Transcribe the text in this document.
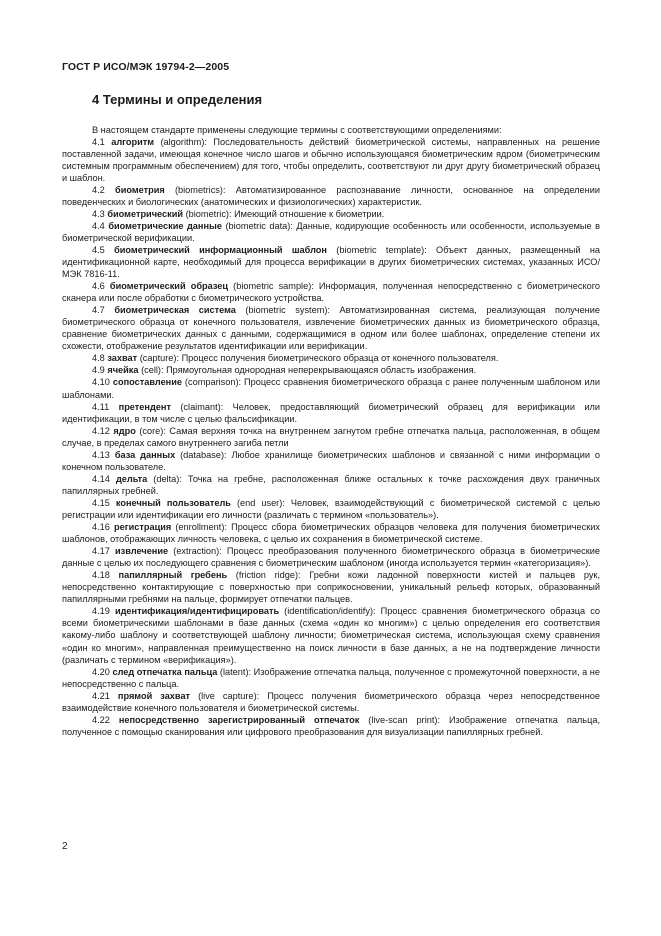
ГОСТ Р ИСО/МЭК 19794-2—2005
4 Термины и определения

В настоящем стандарте применены следующие термины с соответствующими определениями:

4.1 алгоритм (algorithm): Последовательность действий биометрической системы, направленных на решение поставленной задачи, имеющая конечное число шагов и обычно использующаяся биометрическим ядром (биометрическим системным программным обеспечением) для того, чтобы определить, соответствуют ли друг другу биометрический образец и шаблон.

4.2 биометрия (biometrics): Автоматизированное распознавание личности, основанное на определении поведенческих и биологических (анатомических и физиологических) характеристик.

4.3 биометрический (biometric): Имеющий отношение к биометрии.

4.4 биометрические данные (biometric data): Данные, кодирующие особенность или особенности, используемые в биометрической верификации.

4.5 биометрический информационный шаблон (biometric template): Объект данных, размещенный на идентификационной карте, необходимый для процесса верификации в других биометрических системах, указанных ИСО/МЭК 7816-11.

4.6 биометрический образец (biometric sample): Информация, полученная непосредственно с биометрического сканера или после обработки с биометрического устройства.

4.7 биометрическая система (biometric system): Автоматизированная система, реализующая получение биометрического образца от конечного пользователя, извлечение биометрических данных из биометрического образца, сравнение биометрических данных с данными, содержащимися в одном или более шаблонах, определение степени их схожести, отображение результатов идентификации или верификации.

4.8 захват (capture): Процесс получения биометрического образца от конечного пользователя.

4.9 ячейка (cell): Прямоугольная однородная неперекрывающаяся область изображения.

4.10 сопоставление (comparison): Процесс сравнения биометрического образца с ранее полученным шаблоном или шаблонами.

4.11 претендент (claimant): Человек, предоставляющий биометрический образец для верификации или идентификации, в том числе с целью фальсификации.

4.12 ядро (core): Самая верхняя точка на внутреннем загнутом гребне отпечатка пальца, расположенная, в общем случае, в пределах самого внутреннего загиба петли

4.13 база данных (database): Любое хранилище биометрических шаблонов и связанной с ними информации о конечном пользователе.

4.14 дельта (delta): Точка на гребне, расположенная ближе остальных к точке расхождения двух граничных папиллярных гребней.

4.15 конечный пользователь (end user): Человек, взаимодействующий с биометрической системой с целью регистрации или идентификации его личности (различать с термином «пользователь»).

4.16 регистрация (enrollment): Процесс сбора биометрических образцов человека для получения биометрических шаблонов, отображающих личность человека, с целью их сохранения в биометрической системе.

4.17 извлечение (extraction): Процесс преобразования полученного биометрического образца в биометрические данные с целью их последующего сравнения с биометрическим шаблоном (иногда используется термин «категоризация»).

4.18 папиллярный гребень (friction ridge): Гребни кожи ладонной поверхности кистей и пальцев рук, непосредственно контактирующие с поверхностью при соприкосновении, уникальный рельеф которых, образованный папиллярными гребнями на пальце, формирует отпечатки пальцев.

4.19 идентификация/идентифицировать (identification/identify): Процесс сравнения биометрического образца со всеми биометрическими шаблонами в базе данных (схема «один ко многим») с целью определения его соответствия какому-либо шаблону и соответствующей шаблону личности; биометрическая система, использующая схему сравнения «один ко многим», направленная преимущественно на поиск личности в базе данных, а не на подтверждение личности (различать с термином «верификация»).

4.20 след отпечатка пальца (latent): Изображение отпечатка пальца, полученное с промежуточной поверхности, а не непосредственно с пальца.

4.21 прямой захват (live capture): Процесс получения биометрического образца через непосредственное взаимодействие конечного пользователя и биометрической системы.

4.22 непосредственно зарегистрированный отпечаток (live-scan print): Изображение отпечатка пальца, полученное с помощью сканирования или цифрового преобразования для визуализации папиллярных гребней.

2
